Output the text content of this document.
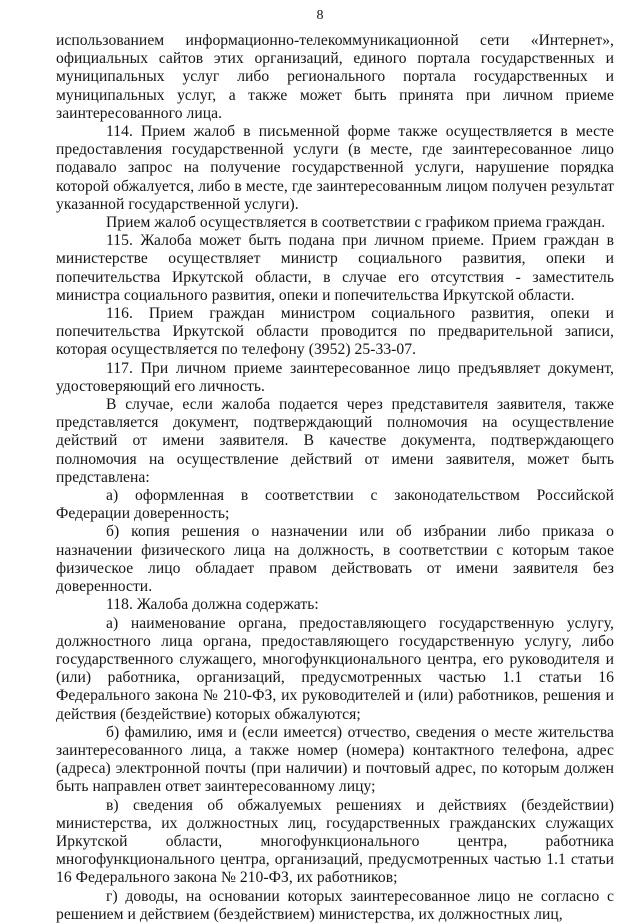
8

использованием информационно-телекоммуникационной сети «Интернет», официальных сайтов этих организаций, единого портала государственных и муниципальных услуг либо регионального портала государственных и муниципальных услуг, а также может быть принята при личном приеме заинтересованного лица.

114. Прием жалоб в письменной форме также осуществляется в месте предоставления государственной услуги (в месте, где заинтересованное лицо подавало запрос на получение государственной услуги, нарушение порядка которой обжалуется, либо в месте, где заинтересованным лицом получен результат указанной государственной услуги).

Прием жалоб осуществляется в соответствии с графиком приема граждан.

115. Жалоба может быть подана при личном приеме. Прием граждан в министерстве осуществляет министр социального развития, опеки и попечительства Иркутской области, в случае его отсутствия - заместитель министра социального развития, опеки и попечительства Иркутской области.

116. Прием граждан министром социального развития, опеки и попечительства Иркутской области проводится по предварительной записи, которая осуществляется по телефону (3952) 25-33-07.

117. При личном приеме заинтересованное лицо предъявляет документ, удостоверяющий его личность.

В случае, если жалоба подается через представителя заявителя, также представляется документ, подтверждающий полномочия на осуществление действий от имени заявителя. В качестве документа, подтверждающего полномочия на осуществление действий от имени заявителя, может быть представлена:

а) оформленная в соответствии с законодательством Российской Федерации доверенность;

б) копия решения о назначении или об избрании либо приказа о назначении физического лица на должность, в соответствии с которым такое физическое лицо обладает правом действовать от имени заявителя без доверенности.

118. Жалоба должна содержать:

а) наименование органа, предоставляющего государственную услугу, должностного лица органа, предоставляющего государственную услугу, либо государственного служащего, многофункционального центра, его руководителя и (или) работника, организаций, предусмотренных частью 1.1 статьи 16 Федерального закона № 210-ФЗ, их руководителей и (или) работников, решения и действия (бездействие) которых обжалуются;

б) фамилию, имя и (если имеется) отчество, сведения о месте жительства заинтересованного лица, а также номер (номера) контактного телефона, адрес (адреса) электронной почты (при наличии) и почтовый адрес, по которым должен быть направлен ответ заинтересованному лицу;

в) сведения об обжалуемых решениях и действиях (бездействии) министерства, их должностных лиц, государственных гражданских служащих Иркутской области, многофункционального центра, работника многофункционального центра, организаций, предусмотренных частью 1.1 статьи 16 Федерального закона № 210-ФЗ, их работников;

г) доводы, на основании которых заинтересованное лицо не согласно с решением и действием (бездействием) министерства, их должностных лиц,
